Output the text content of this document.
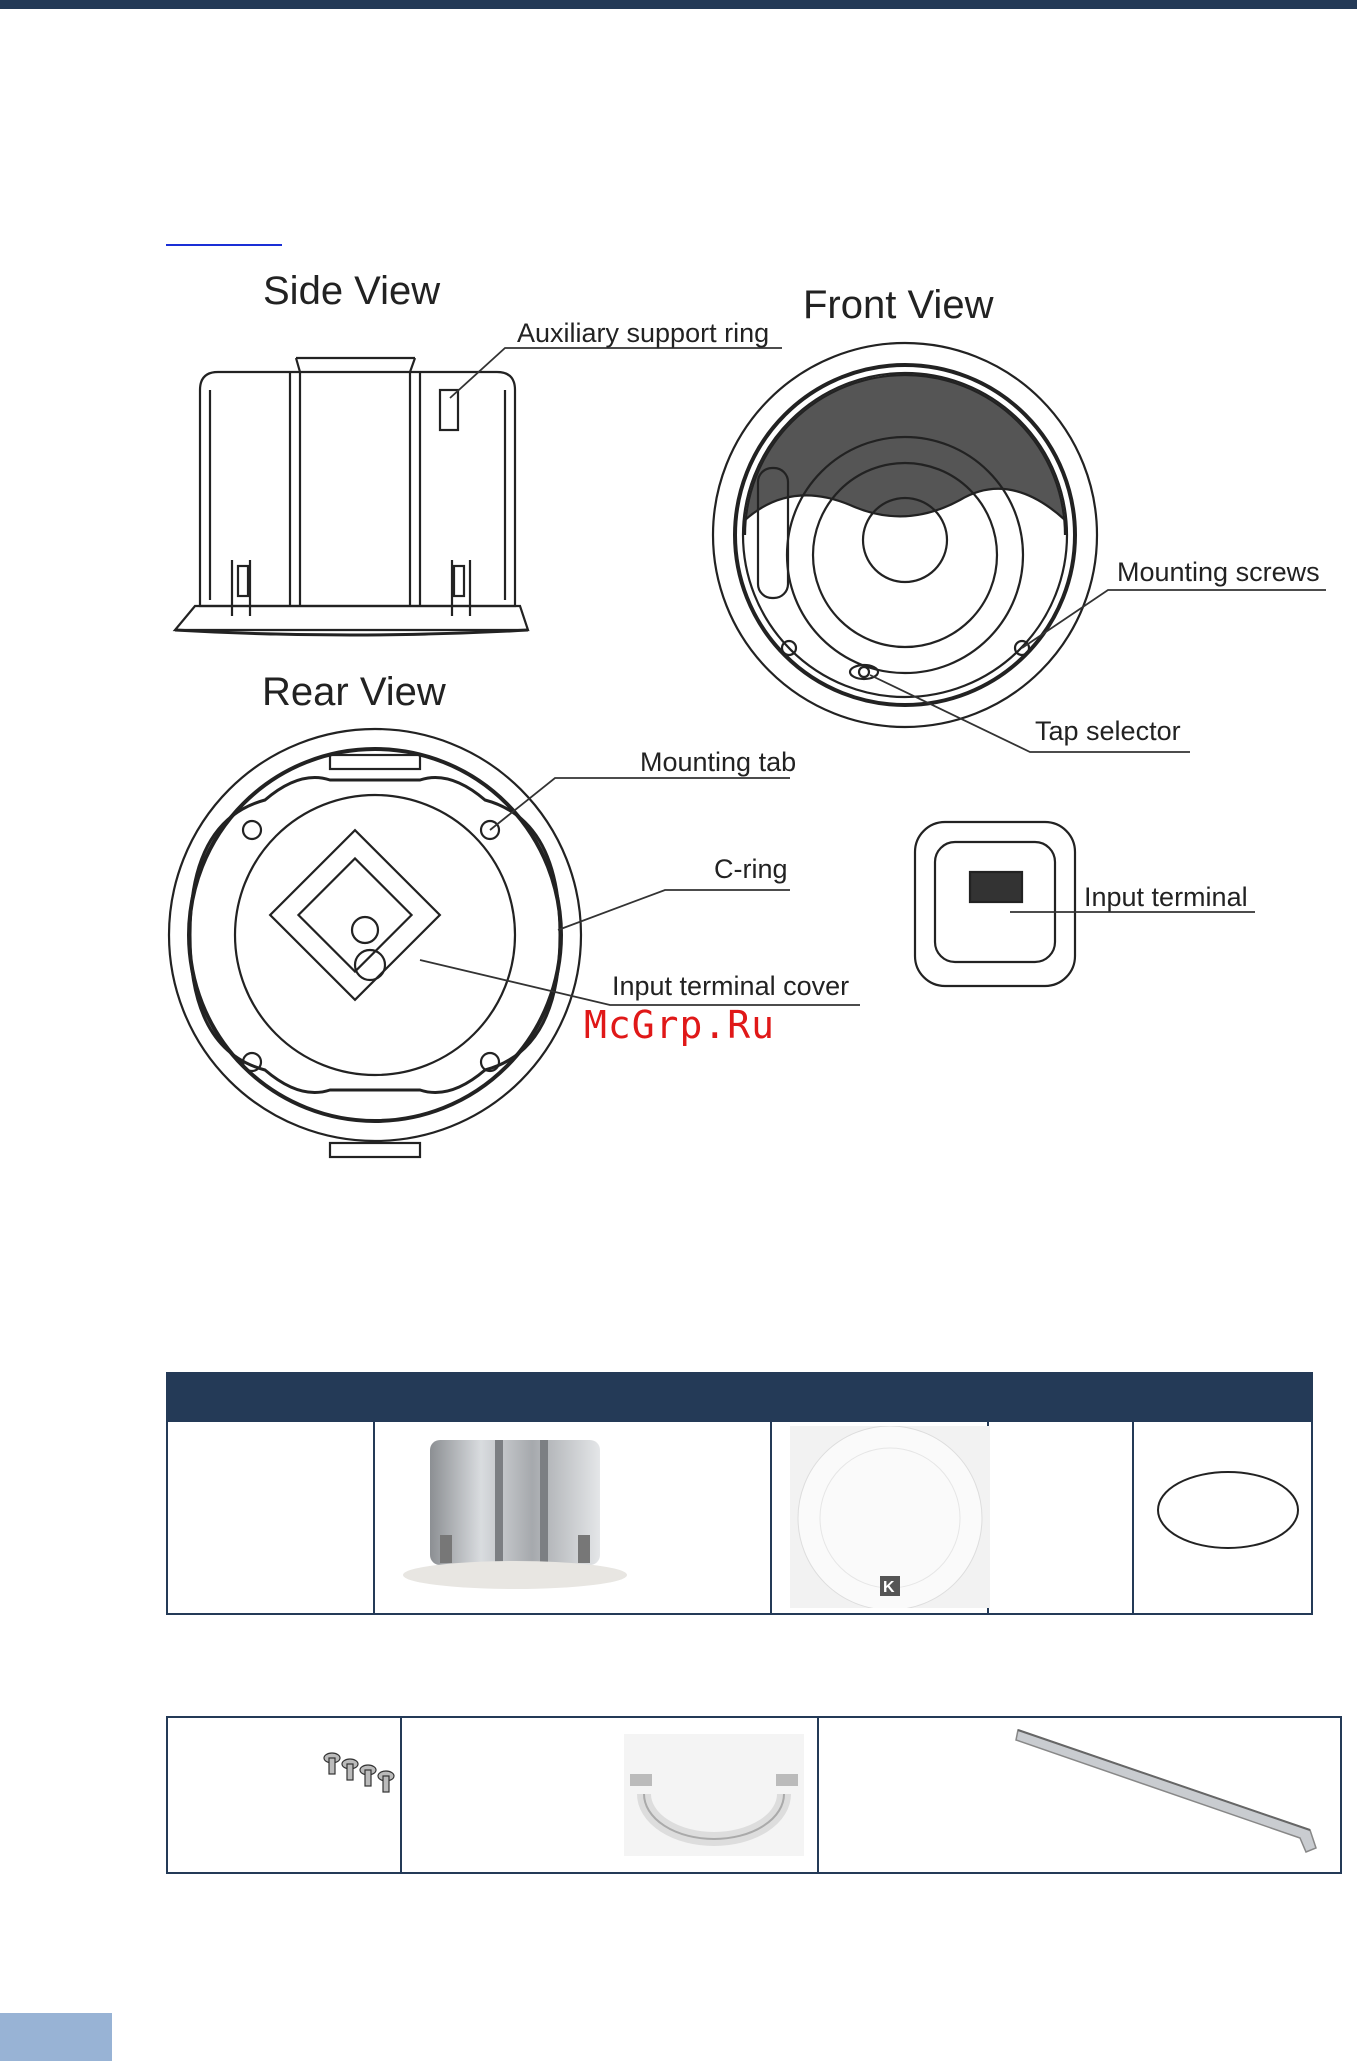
Side View	Front View
Mounting screws
Tap selector
Auxiliary support ring
Rear View
Mounting tab
C-ring
Input terminal cover
Input terminal
McGrp.Ru
K
